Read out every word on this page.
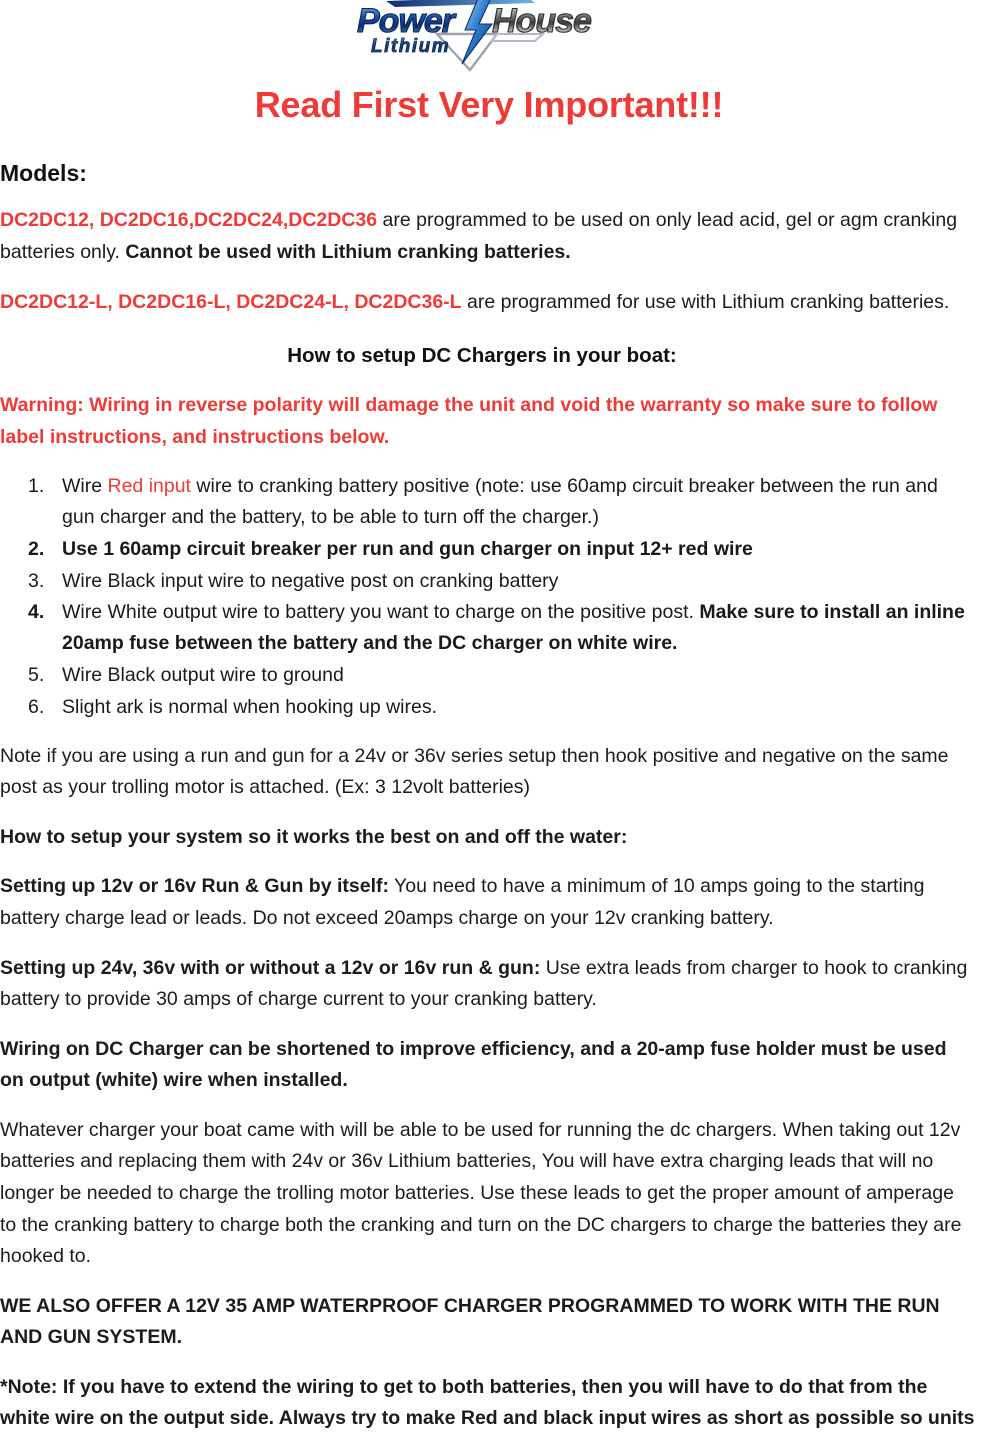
Power House
Lithium
Read First Very Important!!!
Models:

DC2DC12, DC2DC16,DC2DC24,DC2DC36 are programmed to be used on only lead acid, gel or agm cranking batteries only. Cannot be used with Lithium cranking batteries.

DC2DC12-L, DC2DC16-L, DC2DC24-L, DC2DC36-L are programmed for use with Lithium cranking batteries.

How to setup DC Chargers in your boat:

Warning: Wiring in reverse polarity will damage the unit and void the warranty so make sure to follow label instructions, and instructions below.

1. Wire Red input wire to cranking battery positive (note: use 60amp circuit breaker between the run and gun charger and the battery, to be able to turn off the charger.)
2. Use 1 60amp circuit breaker per run and gun charger on input 12+ red wire
3. Wire Black input wire to negative post on cranking battery
4. Wire White output wire to battery you want to charge on the positive post. Make sure to install an inline 20amp fuse between the battery and the DC charger on white wire.
5. Wire Black output wire to ground
6. Slight ark is normal when hooking up wires.

Note if you are using a run and gun for a 24v or 36v series setup then hook positive and negative on the same post as your trolling motor is attached. (Ex: 3 12volt batteries)

How to setup your system so it works the best on and off the water:

Setting up 12v or 16v Run & Gun by itself: You need to have a minimum of 10 amps going to the starting battery charge lead or leads. Do not exceed 20amps charge on your 12v cranking battery.

Setting up 24v, 36v with or without a 12v or 16v run & gun: Use extra leads from charger to hook to cranking battery to provide 30 amps of charge current to your cranking battery.

Wiring on DC Charger can be shortened to improve efficiency, and a 20-amp fuse holder must be used on output (white) wire when installed.

Whatever charger your boat came with will be able to be used for running the dc chargers. When taking out 12v batteries and replacing them with 24v or 36v Lithium batteries, You will have extra charging leads that will no longer be needed to charge the trolling motor batteries. Use these leads to get the proper amount of amperage to the cranking battery to charge both the cranking and turn on the DC chargers to charge the batteries they are hooked to.

WE ALSO OFFER A 12V 35 AMP WATERPROOF CHARGER PROGRAMMED TO WORK WITH THE RUN AND GUN SYSTEM.

*Note: If you have to extend the wiring to get to both batteries, then you will have to do that from the white wire on the output side. Always try to make Red and black input wires as short as possible so units
